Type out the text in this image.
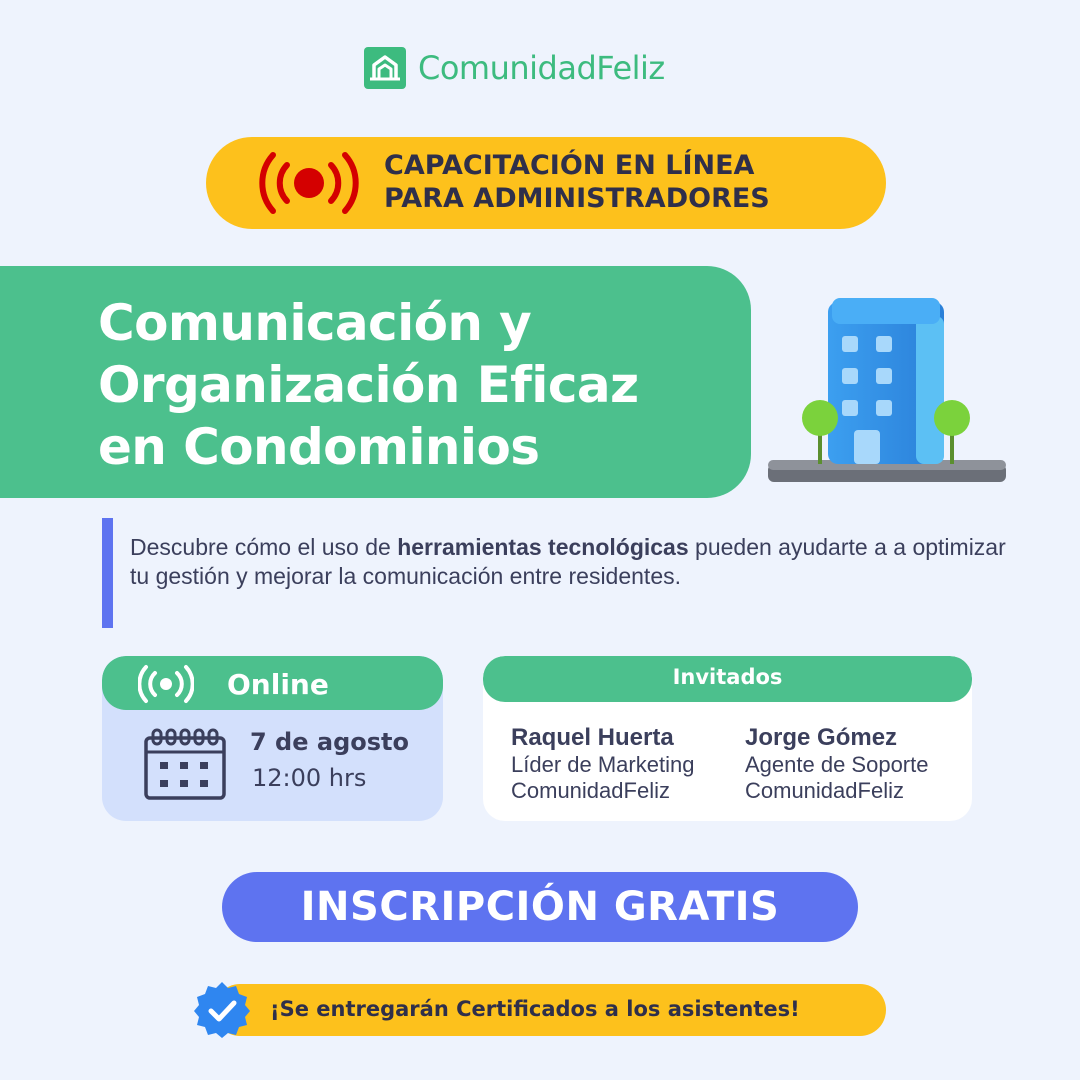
ComunidadFeliz
CAPACITACIÓN EN LÍNEA
PARA ADMINISTRADORES
Comunicación y
Organización Eficaz
en Condominios

Descubre cómo el uso de herramientas tecnológicas pueden ayudarte a a optimizar tu gestión y mejorar la comunicación entre residentes.

Online
7 de agosto
12:00 hrs
Invitados
Raquel Huerta
Líder de Marketing
ComunidadFeliz
Jorge Gómez
Agente de Soporte
ComunidadFeliz
INSCRIPCIÓN GRATIS
¡Se entregarán Certificados a los asistentes!
